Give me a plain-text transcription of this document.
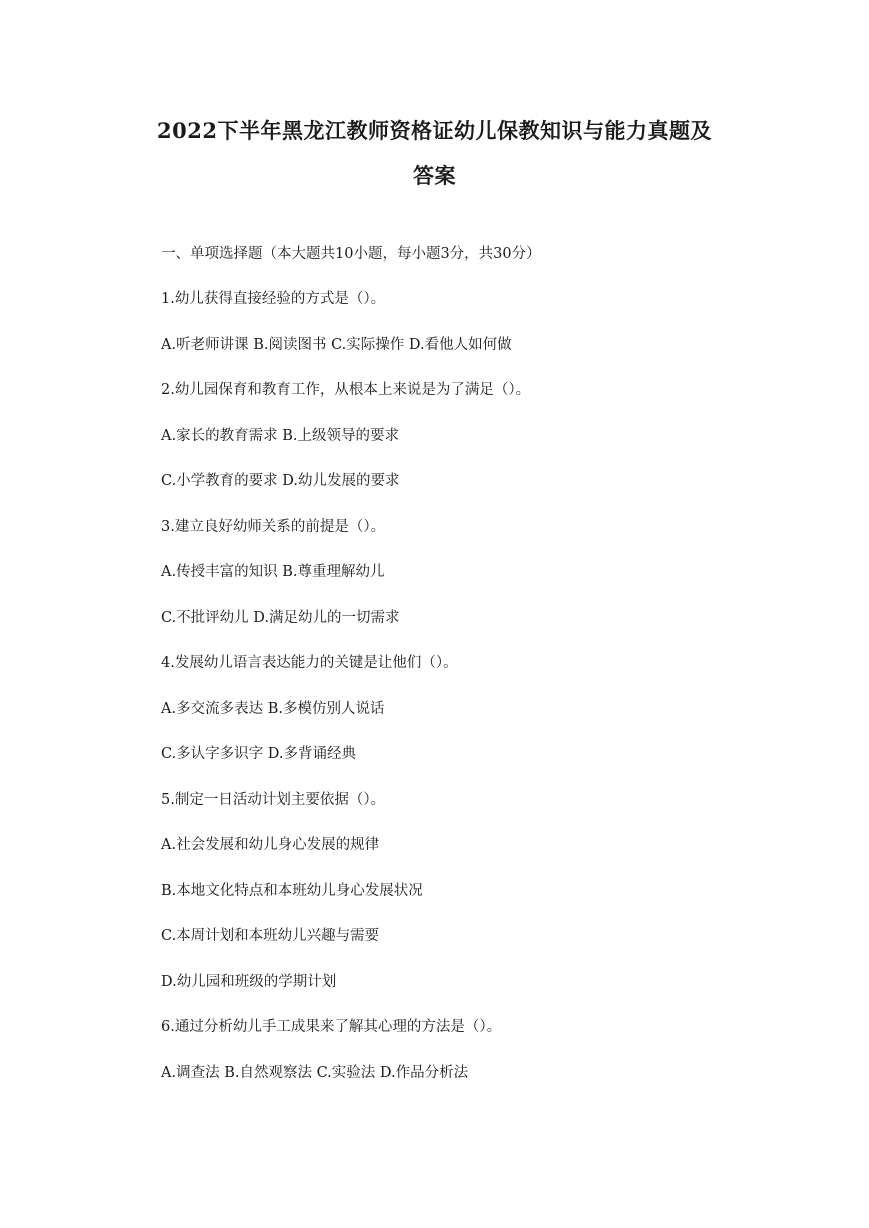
2022下半年黑龙江教师资格证幼儿保教知识与能力真题及
答案
一、单项选择题（本大题共10小题，每小题3分，共30分）
1.幼儿获得直接经验的方式是（）。
A.听老师讲课 B.阅读图书 C.实际操作 D.看他人如何做
2.幼儿园保育和教育工作，从根本上来说是为了满足（）。
A.家长的教育需求 B.上级领导的要求
C.小学教育的要求 D.幼儿发展的要求
3.建立良好幼师关系的前提是（）。
A.传授丰富的知识 B.尊重理解幼儿
C.不批评幼儿 D.满足幼儿的一切需求
4.发展幼儿语言表达能力的关键是让他们（）。
A.多交流多表达 B.多模仿别人说话
C.多认字多识字 D.多背诵经典
5.制定一日活动计划主要依据（）。
A.社会发展和幼儿身心发展的规律
B.本地文化特点和本班幼儿身心发展状况
C.本周计划和本班幼儿兴趣与需要
D.幼儿园和班级的学期计划
6.通过分析幼儿手工成果来了解其心理的方法是（）。
A.调查法 B.自然观察法 C.实验法 D.作品分析法
